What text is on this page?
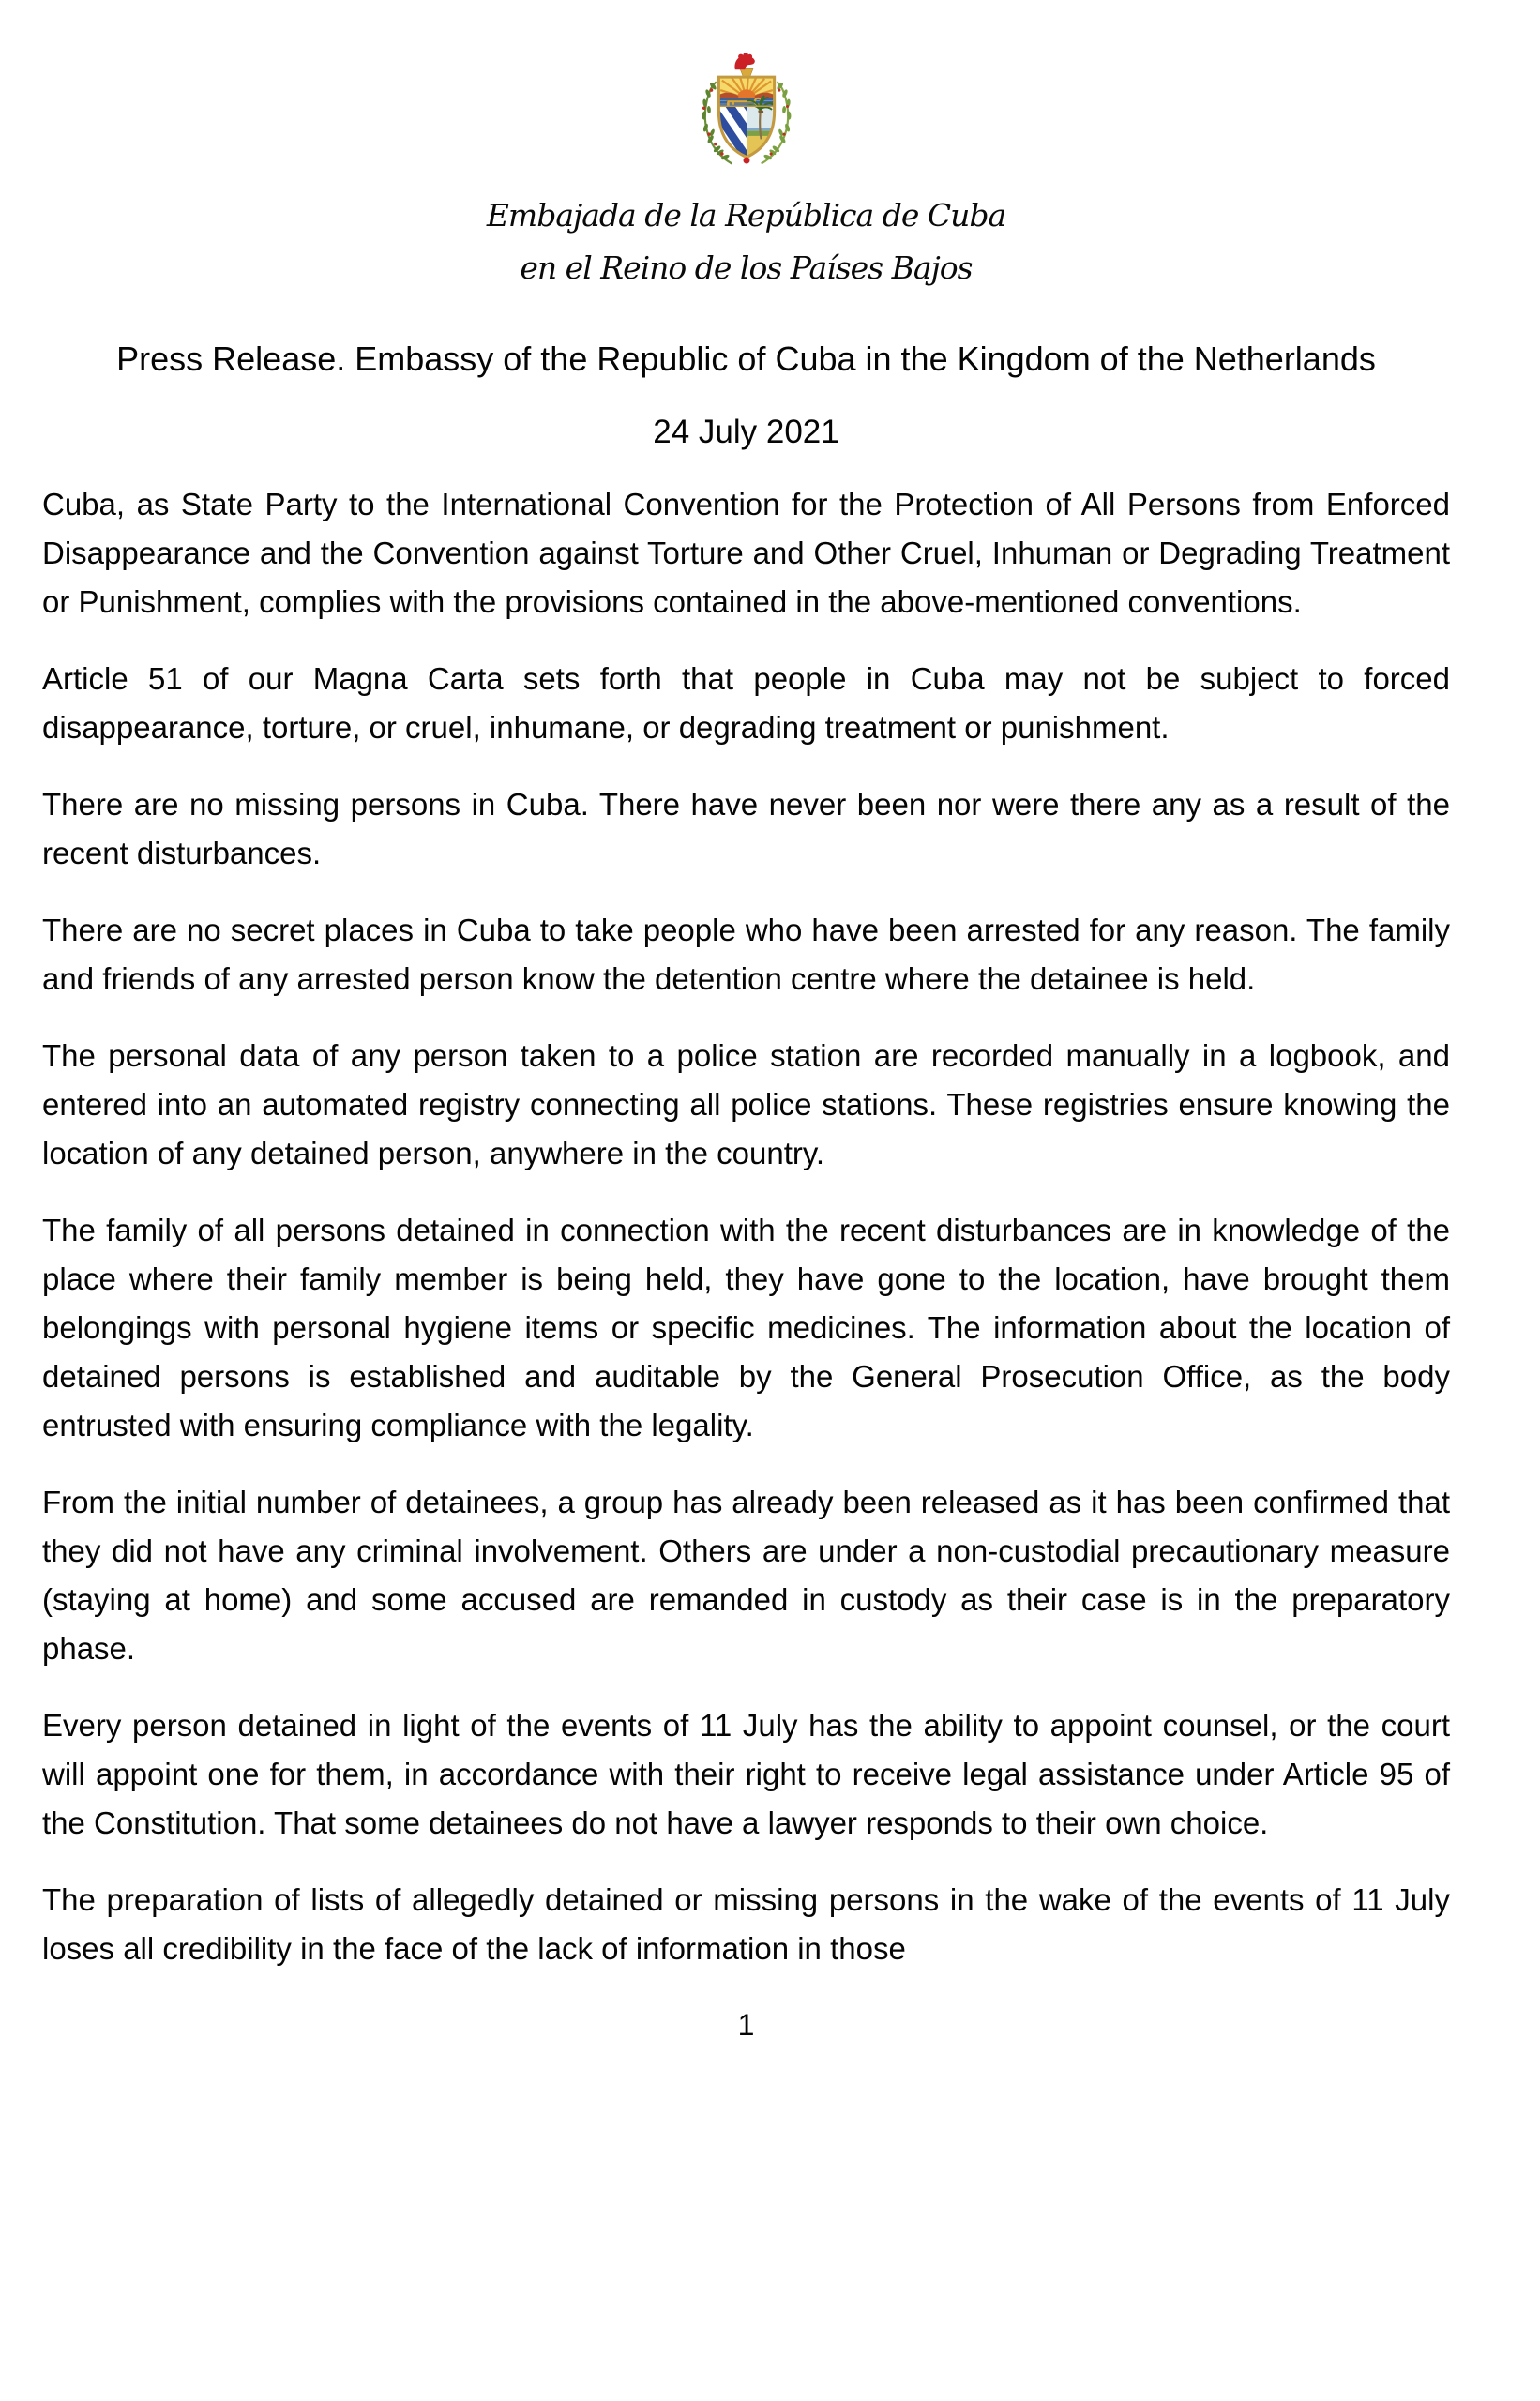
Embajada de la República de Cuba
en el Reino de los Países Bajos
Press Release. Embassy of the Republic of Cuba in the Kingdom of the Netherlands
24 July 2021

Cuba, as State Party to the International Convention for the Protection of All Persons from Enforced Disappearance and the Convention against Torture and Other Cruel, Inhuman or Degrading Treatment or Punishment, complies with the provisions contained in the above-mentioned conventions.

Article 51 of our Magna Carta sets forth that people in Cuba may not be subject to forced disappearance, torture, or cruel, inhumane, or degrading treatment or punishment.

There are no missing persons in Cuba. There have never been nor were there any as a result of the recent disturbances.

There are no secret places in Cuba to take people who have been arrested for any reason. The family and friends of any arrested person know the detention centre where the detainee is held.

The personal data of any person taken to a police station are recorded manually in a logbook, and entered into an automated registry connecting all police stations. These registries ensure knowing the location of any detained person, anywhere in the country.

The family of all persons detained in connection with the recent disturbances are in knowledge of the place where their family member is being held, they have gone to the location, have brought them belongings with personal hygiene items or specific medicines. The information about the location of detained persons is established and auditable by the General Prosecution Office, as the body entrusted with ensuring compliance with the legality.

From the initial number of detainees, a group has already been released as it has been confirmed that they did not have any criminal involvement. Others are under a non-custodial precautionary measure (staying at home) and some accused are remanded in custody as their case is in the preparatory phase.

Every person detained in light of the events of 11 July has the ability to appoint counsel, or the court will appoint one for them, in accordance with their right to receive legal assistance under Article 95 of the Constitution. That some detainees do not have a lawyer responds to their own choice.

The preparation of lists of allegedly detained or missing persons in the wake of the events of 11 July loses all credibility in the face of the lack of information in those

1
